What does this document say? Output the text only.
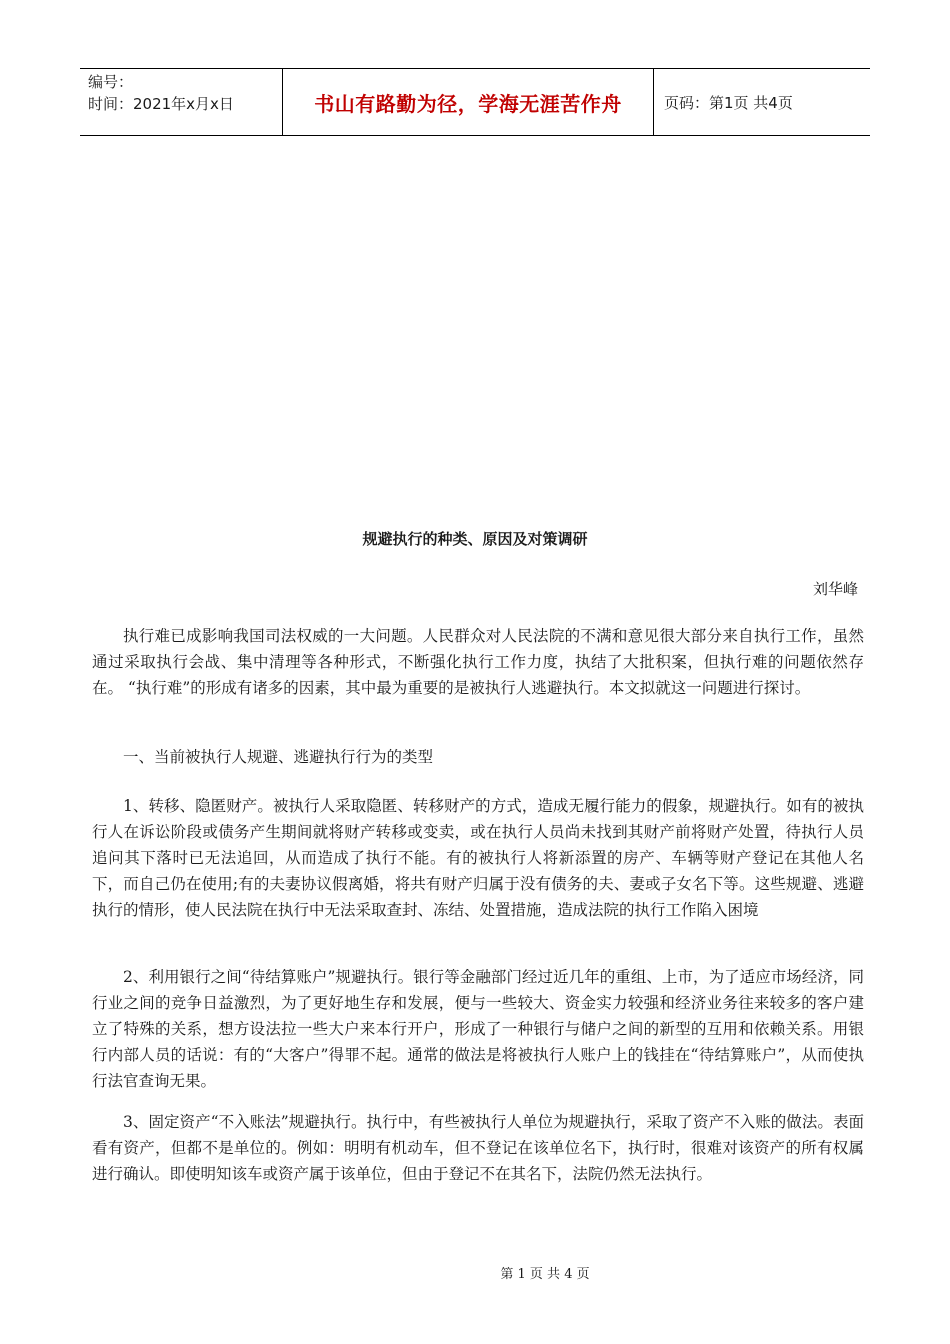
编号：
时间：2021年x月x日	书山有路勤为径，学海无涯苦作舟	页码：第1页 共4页
规避执行的种类、原因及对策调研
刘华峰

执行难已成影响我国司法权威的一大问题。人民群众对人民法院的不满和意见很大部分来自执行工作，虽然通过采取执行会战、集中清理等各种形式，不断强化执行工作力度，执结了大批积案，但执行难的问题依然存在。 “执行难”的形成有诸多的因素，其中最为重要的是被执行人逃避执行。本文拟就这一问题进行探讨。

一、当前被执行人规避、逃避执行行为的类型

1、转移、隐匿财产。被执行人采取隐匿、转移财产的方式，造成无履行能力的假象，规避执行。如有的被执行人在诉讼阶段或债务产生期间就将财产转移或变卖，或在执行人员尚未找到其财产前将财产处置，待执行人员追问其下落时已无法追回，从而造成了执行不能。有的被执行人将新添置的房产、车辆等财产登记在其他人名下，而自己仍在使用;有的夫妻协议假离婚，将共有财产归属于没有债务的夫、妻或子女名下等。这些规避、逃避执行的情形，使人民法院在执行中无法采取查封、冻结、处置措施，造成法院的执行工作陷入困境

2、利用银行之间“待结算账户”规避执行。银行等金融部门经过近几年的重组、上市，为了适应市场经济，同行业之间的竞争日益激烈，为了更好地生存和发展，便与一些较大、资金实力较强和经济业务往来较多的客户建立了特殊的关系，想方设法拉一些大户来本行开户，形成了一种银行与储户之间的新型的互用和依赖关系。用银行内部人员的话说：有的“大客户”得罪不起。通常的做法是将被执行人账户上的钱挂在“待结算账户”，从而使执行法官查询无果。

3、固定资产“不入账法”规避执行。执行中，有些被执行人单位为规避执行，采取了资产不入账的做法。表面看有资产，但都不是单位的。例如：明明有机动车，但不登记在该单位名下，执行时，很难对该资产的所有权属进行确认。即使明知该车或资产属于该单位，但由于登记不在其名下，法院仍然无法执行。

第 1 页 共 4 页
